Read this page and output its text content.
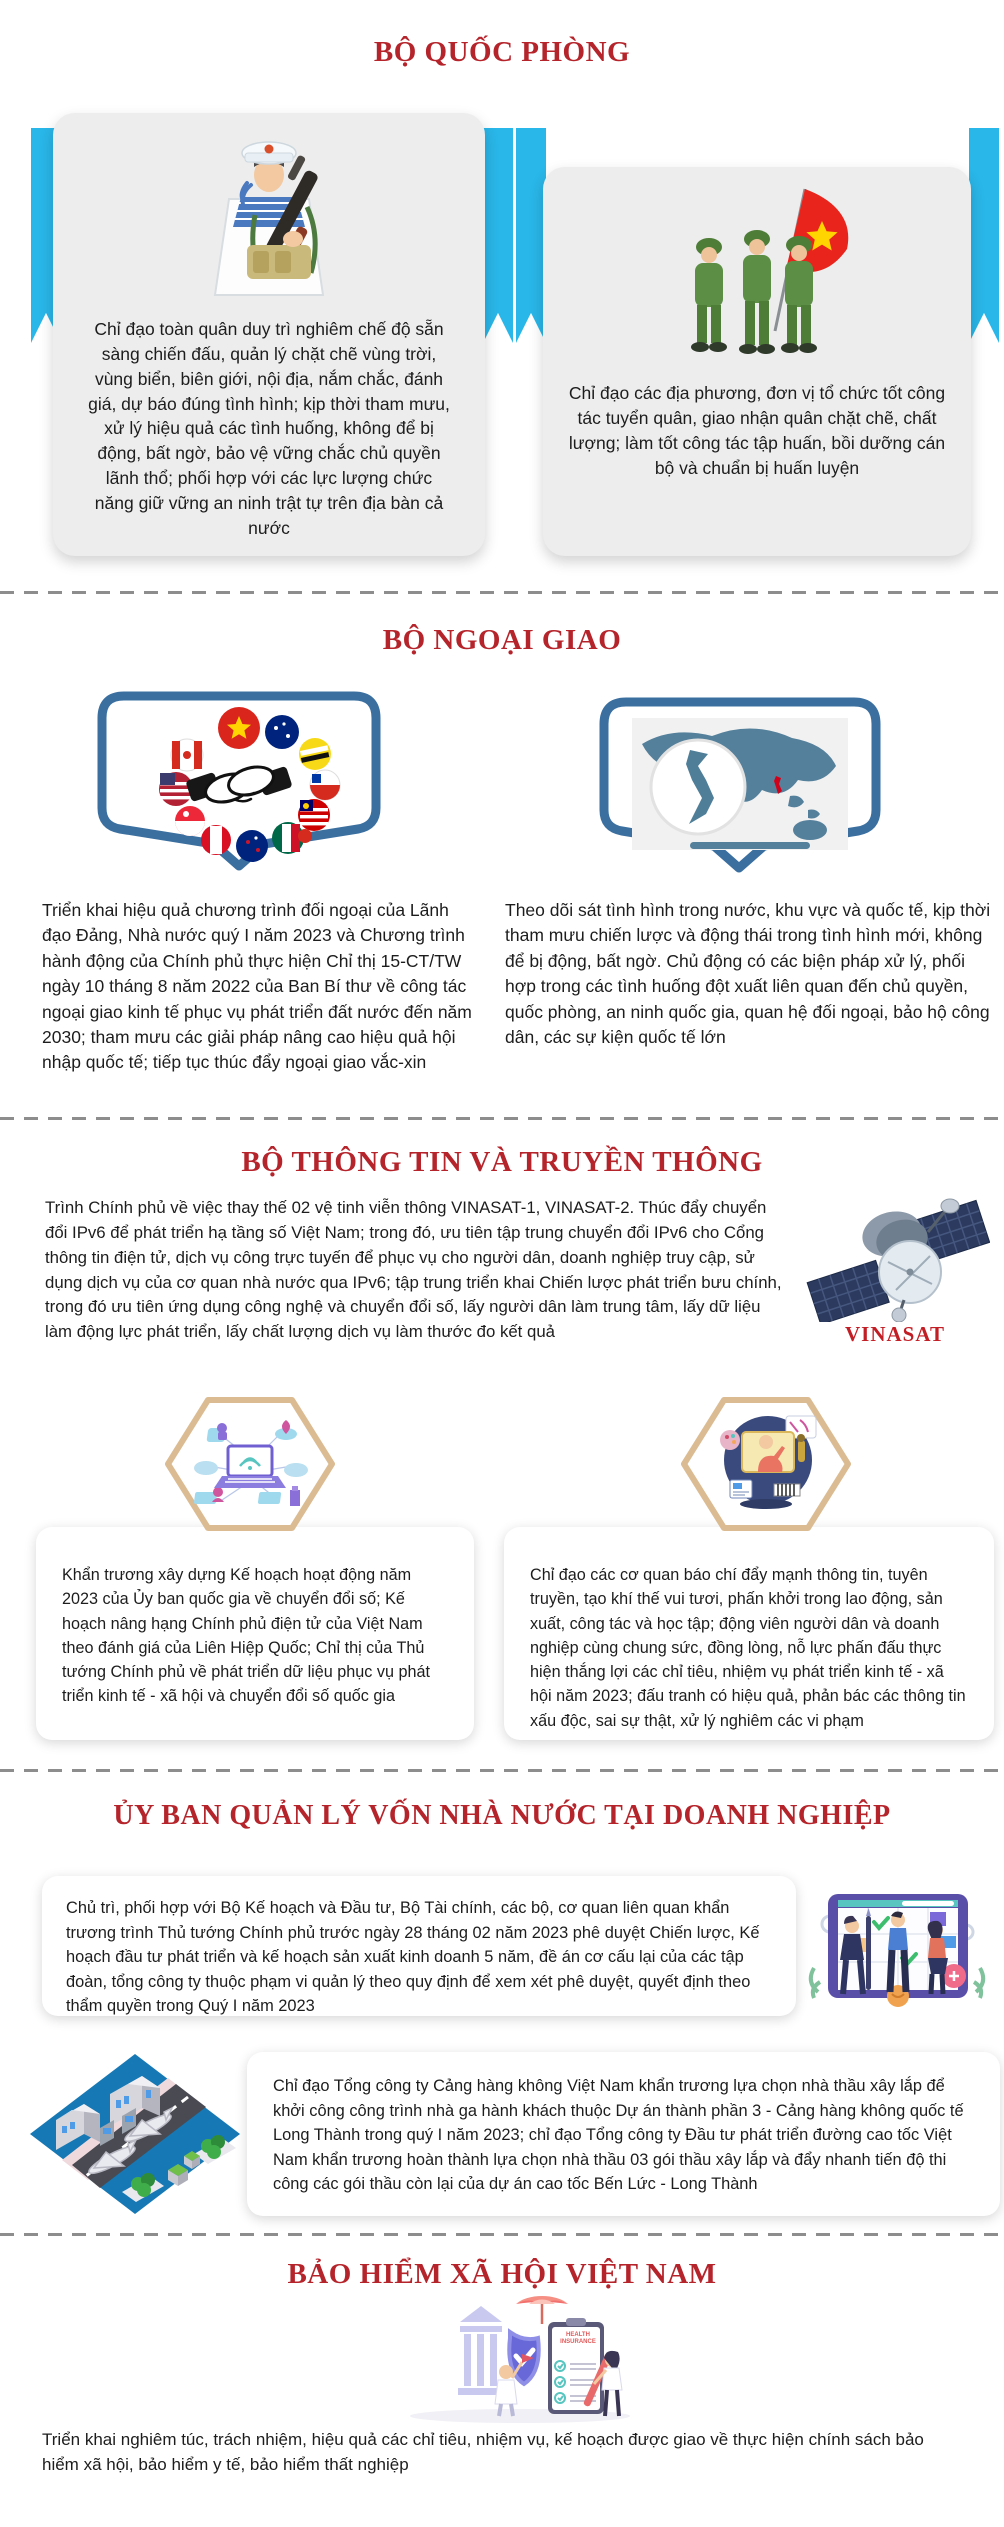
BỘ QUỐC PHÒNG
Chỉ đạo toàn quân duy trì nghiêm chế độ sẵn sàng chiến đấu, quản lý chặt chẽ vùng trời, vùng biển, biên giới, nội địa, nắm chắc, đánh giá, dự báo đúng tình hình; kịp thời tham mưu, xử lý hiệu quả các tình huống, không để bị động, bất ngờ, bảo vệ vững chắc chủ quyền lãnh thổ; phối hợp với các lực lượng chức năng giữ vững an ninh trật tự trên địa bàn cả nước
Chỉ đạo các địa phương, đơn vị tổ chức tốt công tác tuyển quân, giao nhận quân chặt chẽ, chất lượng; làm tốt công tác tập huấn, bồi dưỡng cán bộ và chuẩn bị huấn luyện
BỘ NGOẠI GIAO

Triển khai hiệu quả chương trình đối ngoại của Lãnh đạo Đảng, Nhà nước quý I năm 2023 và Chương trình hành động của Chính phủ thực hiện Chỉ thị 15-CT/TW ngày 10 tháng 8 năm 2022 của Ban Bí thư về công tác ngoại giao kinh tế phục vụ phát triển đất nước đến năm 2030; tham mưu các giải pháp nâng cao hiệu quả hội nhập quốc tế; tiếp tục thúc đẩy ngoại giao vắc-xin

Theo dõi sát tình hình trong nước, khu vực và quốc tế, kịp thời tham mưu chiến lược và động thái trong tình hình mới, không để bị động, bất ngờ. Chủ động có các biện pháp xử lý, phối hợp trong các tình huống đột xuất liên quan đến chủ quyền, quốc phòng, an ninh quốc gia, quan hệ đối ngoại, bảo hộ công dân, các sự kiện quốc tế lớn

BỘ THÔNG TIN VÀ TRUYỀN THÔNG

Trình Chính phủ về việc thay thế 02 vệ tinh viễn thông VINASAT-1, VINASAT-2. Thúc đẩy chuyển đổi IPv6 để phát triển hạ tầng số Việt Nam; trong đó, ưu tiên tập trung chuyển đổi IPv6 cho Cổng thông tin điện tử, dịch vụ công trực tuyến để phục vụ cho người dân, doanh nghiệp truy cập, sử dụng dịch vụ của cơ quan nhà nước qua IPv6; tập trung triển khai Chiến lược phát triển bưu chính, trong đó ưu tiên ứng dụng công nghệ và chuyển đổi số, lấy người dân làm trung tâm, lấy dữ liệu làm động lực phát triển, lấy chất lượng dịch vụ làm thước đo kết quả	VINASAT

Khẩn trương xây dựng Kế hoạch hoạt động năm 2023 của Ủy ban quốc gia về chuyển đổi số; Kế hoạch nâng hạng Chính phủ điện tử của Việt Nam theo đánh giá của Liên Hiệp Quốc; Chỉ thị của Thủ tướng Chính phủ về phát triển dữ liệu phục vụ phát triển kinh tế - xã hội và chuyển đổi số quốc gia

Chỉ đạo các cơ quan báo chí đẩy mạnh thông tin, tuyên truyền, tạo khí thế vui tươi, phấn khởi trong lao động, sản xuất, công tác và học tập; động viên người dân và doanh nghiệp cùng chung sức, đồng lòng, nỗ lực phấn đấu thực hiện thắng lợi các chỉ tiêu, nhiệm vụ phát triển kinh tế - xã hội năm 2023; đấu tranh có hiệu quả, phản bác các thông tin xấu độc, sai sự thật, xử lý nghiêm các vi phạm

ỦY BAN QUẢN LÝ VỐN NHÀ NƯỚC TẠI DOANH NGHIỆP

Chủ trì, phối hợp với Bộ Kế hoạch và Đầu tư, Bộ Tài chính, các bộ, cơ quan liên quan khẩn trương trình Thủ tướng Chính phủ trước ngày 28 tháng 02 năm 2023 phê duyệt Chiến lược, Kế hoạch đầu tư phát triển và kế hoạch sản xuất kinh doanh 5 năm, đề án cơ cấu lại của các tập đoàn, tổng công ty thuộc phạm vi quản lý theo quy định để xem xét phê duyệt, quyết định theo thẩm quyền trong Quý I năm 2023

Chỉ đạo Tổng công ty Cảng hàng không Việt Nam khẩn trương lựa chọn nhà thầu xây lắp để khởi công công trình nhà ga hành khách thuộc Dự án thành phần 3 - Cảng hàng không quốc tế Long Thành trong quý I năm 2023; chỉ đạo Tổng công ty Đầu tư phát triển đường cao tốc Việt Nam khẩn trương hoàn thành lựa chọn nhà thầu 03 gói thầu xây lắp và đẩy nhanh tiến độ thi công các gói thầu còn lại của dự án cao tốc Bến Lức - Long Thành

BẢO HIỂM XÃ HỘI VIỆT NAM
HEALTH INSURANCE

Triển khai nghiêm túc, trách nhiệm, hiệu quả các chỉ tiêu, nhiệm vụ, kế hoạch được giao về thực hiện chính sách bảo hiểm xã hội, bảo hiểm y tế, bảo hiểm thất nghiệp
